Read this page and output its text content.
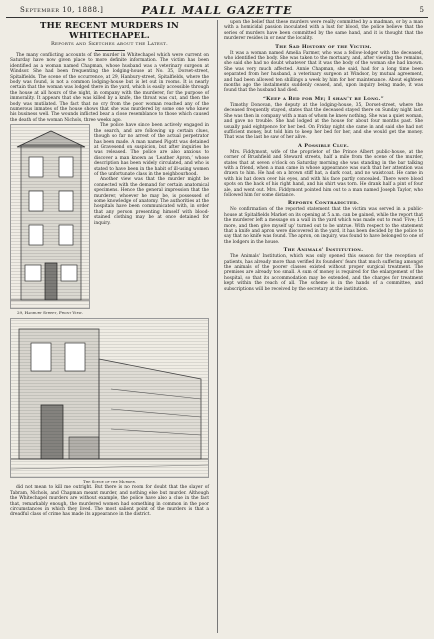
September 10, 1888.]	PALL MALL GAZETTE	5
THE RECENT MURDERS IN WHITECHAPEL.
Reports and Sketches about the Latest.

The many conflicting accounts of the murder in Whitechapel which were current on Saturday have now given place to more definite information. The victim has been identified as a woman named Chapman, whose husband was a veterinary surgeon at Windsor. She had been frequenting the lodging-house at No. 35, Dorset-street, Spitalfields. The scene of the occurrence, at 29, Hanbury-street, Spitalfields, where the body was found, is not a common lodging-house but is let out in rooms. It is nearly certain that the woman was lodged there in the yard, which is easily accessible through the house at all hours of the night, in company with the murderer, for the purpose of immorality. It appears that she was killed by a knife, the throat was cut, and then the body was mutilated. The fact that no cry from the poor woman reached any of the numerous inmates of the house shows that she was murdered by some one who knew his business well. The wounds inflicted bear a close resemblance to those which caused the death of the woman Nichols, three weeks ago.

29, Hanbury Street, Front View.

The police have since been actively engaged in the search, and are following up certain clues, though so far no arrest of the actual perpetrator has been made. A man named Pigott was detained at Gravesend on suspicion, but after inquiries he was released. The police are also anxious to discover a man known as ‘Leather Apron,’ whose description has been widely circulated, and who is stated to have been in the habit of ill-using women of the unfortunate class in the neighbourhood.

Another view was that the murder might be connected with the demand for certain anatomical specimens. Hence the general impression that the murderer, whoever he may be, is possessed of some knowledge of anatomy. The authorities at the hospitals have been communicated with, in order that any person presenting himself with blood-stained clothing may be at once detained for inquiry.

The Scene of the Murder.

did not mean to kill me outright. But there is no room for doubt that the slayer of Tabram, Nichols, and Chapman meant murder, and nothing else but murder. Although the Whitechapel murders are without example, the police have also a clue in the fact that, remarkably enough, the murdered women had something in common in the poor circumstances in which they lived. The most salient point of the murders is that a dreadful class of crime has made its appearance in the district.

upon the belief that these murders were really committed by a madman, or by a man with a homicidal passion inoculated with a lust for blood, the police believe that the series of murders have been committed by the same hand, and it is thought that the murderer resides in or near the locality.

The Sad History of the Victim.

It was a woman named Amelia Farmer, who was a fellow-lodger with the deceased, who identified the body. She was taken to the mortuary, and, after viewing the remains, she said she had no doubt whatever that it was the body of the woman she had known. She was very much affected. Annie Chapman, she said, had for a long time been separated from her husband, a veterinary surgeon at Windsor, by mutual agreement, and had been allowed ten shillings a week by him for her maintenance. About eighteen months ago the instalments suddenly ceased, and, upon inquiry being made, it was found that the husband had died.

“Keep a Bed for Me; I shan't be Long.”

Timothy Donovan, the deputy at the lodging-house, 35, Dorset-street, where the deceased frequently stayed, states that the deceased stayed there on Sunday night last. She was then in company with a man of whom he knew nothing. She was a quiet woman, and gave no trouble. She had lodged at the house for about four months past. She usually paid eightpence for her bed. On Friday night she came in and said she had not sufficient money, but told him to keep her bed for her, and she would get the money. That was the last he saw of her alive.

A Possible Clue.

Mrs. Fiddymont, wife of the proprietor of the Prince Albert public-house, at the corner of Brushfield and Steward streets, half a mile from the scene of the murder, states that at seven o'clock on Saturday morning she was standing in the bar talking with a friend, when a man came in whose appearance was such that her attention was drawn to him. He had on a brown stiff hat, a dark coat, and no waistcoat. He came in with his hat down over his eyes, and with his face partly concealed. There were blood spots on the back of his right hand, and his shirt was torn. He drank half a pint of four ale, and went out. Mrs. Fiddymont pointed him out to a man named Joseph Taylor, who followed him for some distance.

Reports Contradicted.

No confirmation of the reported statement that the victim was served in a public-house at Spitalfields Market on its opening at 5 a.m. can be gained, while the report that the murderer left a message on a wall in the yard which was made out to read ‘Five; 15 more, and then give myself up’ turned out to be untrue. With respect to the statement that a knife and apron were discovered in the yard, it has been decided by the police to say that no knife was found. The apron, on inquiry, was found to have belonged to one of the lodgers in the house.

The Animals' Institution.

The Animals' Institution, which was only opened this season for the reception of patients, has already more than verified its founders' fears that much suffering amongst the animals of the poorer classes existed without proper surgical treatment. The premises are already too small. A sum of money is required for the enlargement of the hospital, so that its accommodation may be extended, and the charges for treatment kept within the reach of all. The scheme is in the hands of a committee, and subscriptions will be received by the secretary at the institution.
